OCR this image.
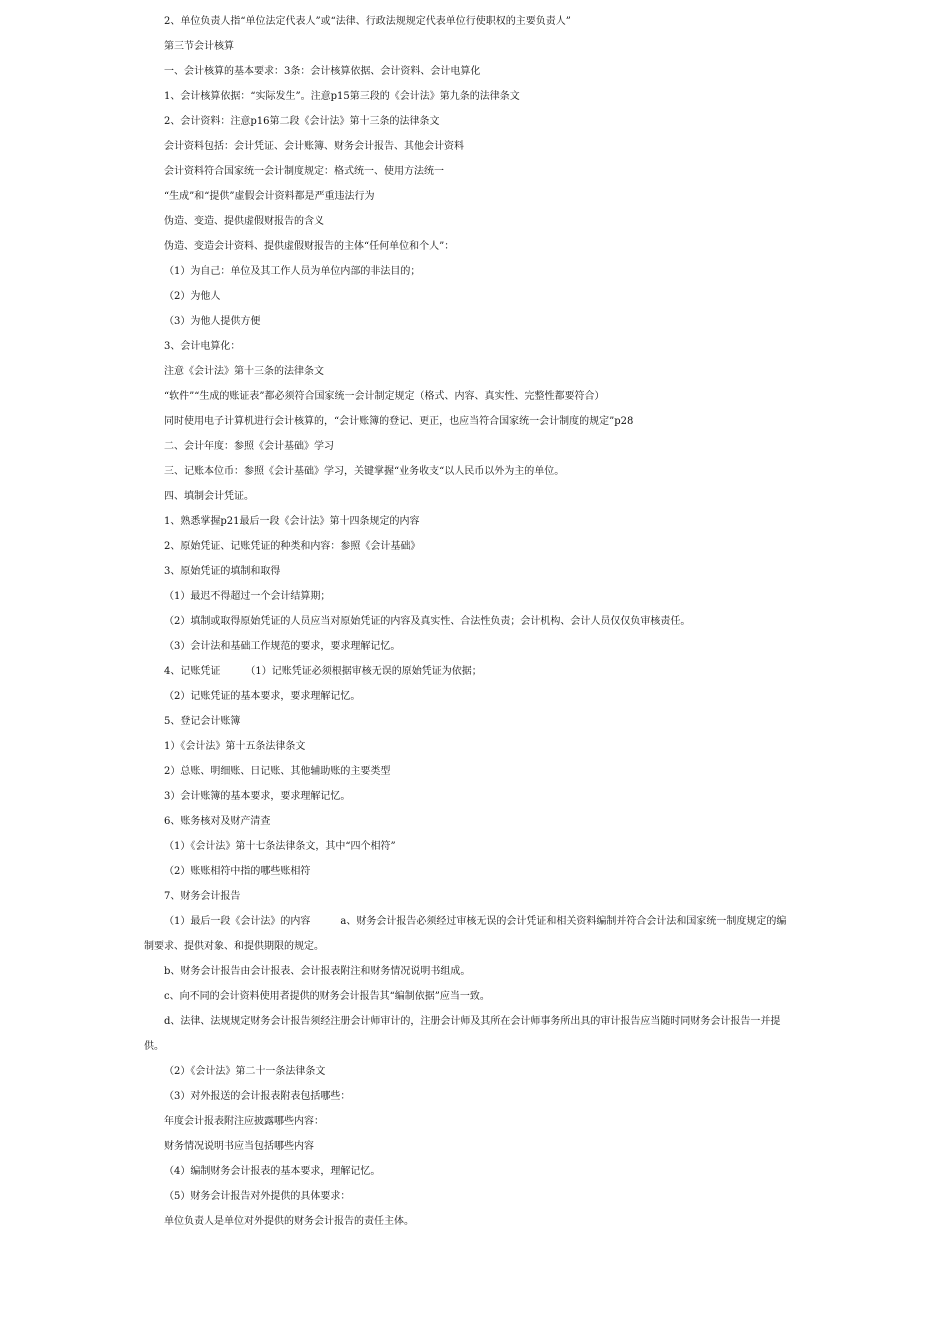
2、单位负责人指“单位法定代表人”或“法律、行政法规规定代表单位行使职权的主要负责人”
第三节会计核算
一、会计核算的基本要求：3条：会计核算依据、会计资料、会计电算化
1、会计核算依据：“实际发生”。注意p15第三段的《会计法》第九条的法律条文
2、会计资料：注意p16第二段《会计法》第十三条的法律条文
会计资料包括：会计凭证、会计账簿、财务会计报告、其他会计资料
会计资料符合国家统一会计制度规定：格式统一、使用方法统一
“生成”和“提供”虚假会计资料都是严重违法行为
伪造、变造、提供虚假财报告的含义
伪造、变造会计资料、提供虚假财报告的主体“任何单位和个人”：
（1）为自己：单位及其工作人员为单位内部的非法目的；
（2）为他人
（3）为他人提供方便
3、会计电算化：
注意《会计法》第十三条的法律条文
“软件”“生成的账证表”都必须符合国家统一会计制定规定（格式、内容、真实性、完整性都要符合）
同时使用电子计算机进行会计核算的，“会计账簿的登记、更正，也应当符合国家统一会计制度的规定”p28
二、会计年度：参照《会计基础》学习
三、记账本位币：参照《会计基础》学习，关键掌握“业务收支“以人民币以外为主的单位。
四、填制会计凭证。
1、熟悉掌握p21最后一段《会计法》第十四条规定的内容
2、原始凭证、记账凭证的种类和内容：参照《会计基础》
3、原始凭证的填制和取得
（1）最迟不得超过一个会计结算期；
（2）填制或取得原始凭证的人员应当对原始凭证的内容及真实性、合法性负责；会计机构、会计人员仅仅负审核责任。
（3）会计法和基础工作规范的要求，要求理解记忆。
4、记账凭证　　　（1）记账凭证必须根据审核无误的原始凭证为依据；
（2）记账凭证的基本要求，要求理解记忆。
5、登记会计账簿
1）《会计法》第十五条法律条文
2）总账、明细账、日记账、其他辅助账的主要类型
3）会计账簿的基本要求，要求理解记忆。
6、账务核对及财产清查
（1）《会计法》第十七条法律条文，其中“四个相符”
（2）账账相符中指的哪些账相符
7、财务会计报告
（1）最后一段《会计法》的内容　　　a、财务会计报告必须经过审核无误的会计凭证和相关资料编制并符合会计法和国家统一制度规定的编
制要求、提供对象、和提供期限的规定。
b、财务会计报告由会计报表、会计报表附注和财务情况说明书组成。
c、向不同的会计资料使用者提供的财务会计报告其“编制依据”应当一致。
d、法律、法规规定财务会计报告须经注册会计师审计的，注册会计师及其所在会计师事务所出具的审计报告应当随时同财务会计报告一并提
供。
（2）《会计法》第二十一条法律条文
（3）对外报送的会计报表附表包括哪些：
年度会计报表附注应披露哪些内容：
财务情况说明书应当包括哪些内容
（4）编制财务会计报表的基本要求，理解记忆。
（5）财务会计报告对外提供的具体要求：
单位负责人是单位对外提供的财务会计报告的责任主体。
